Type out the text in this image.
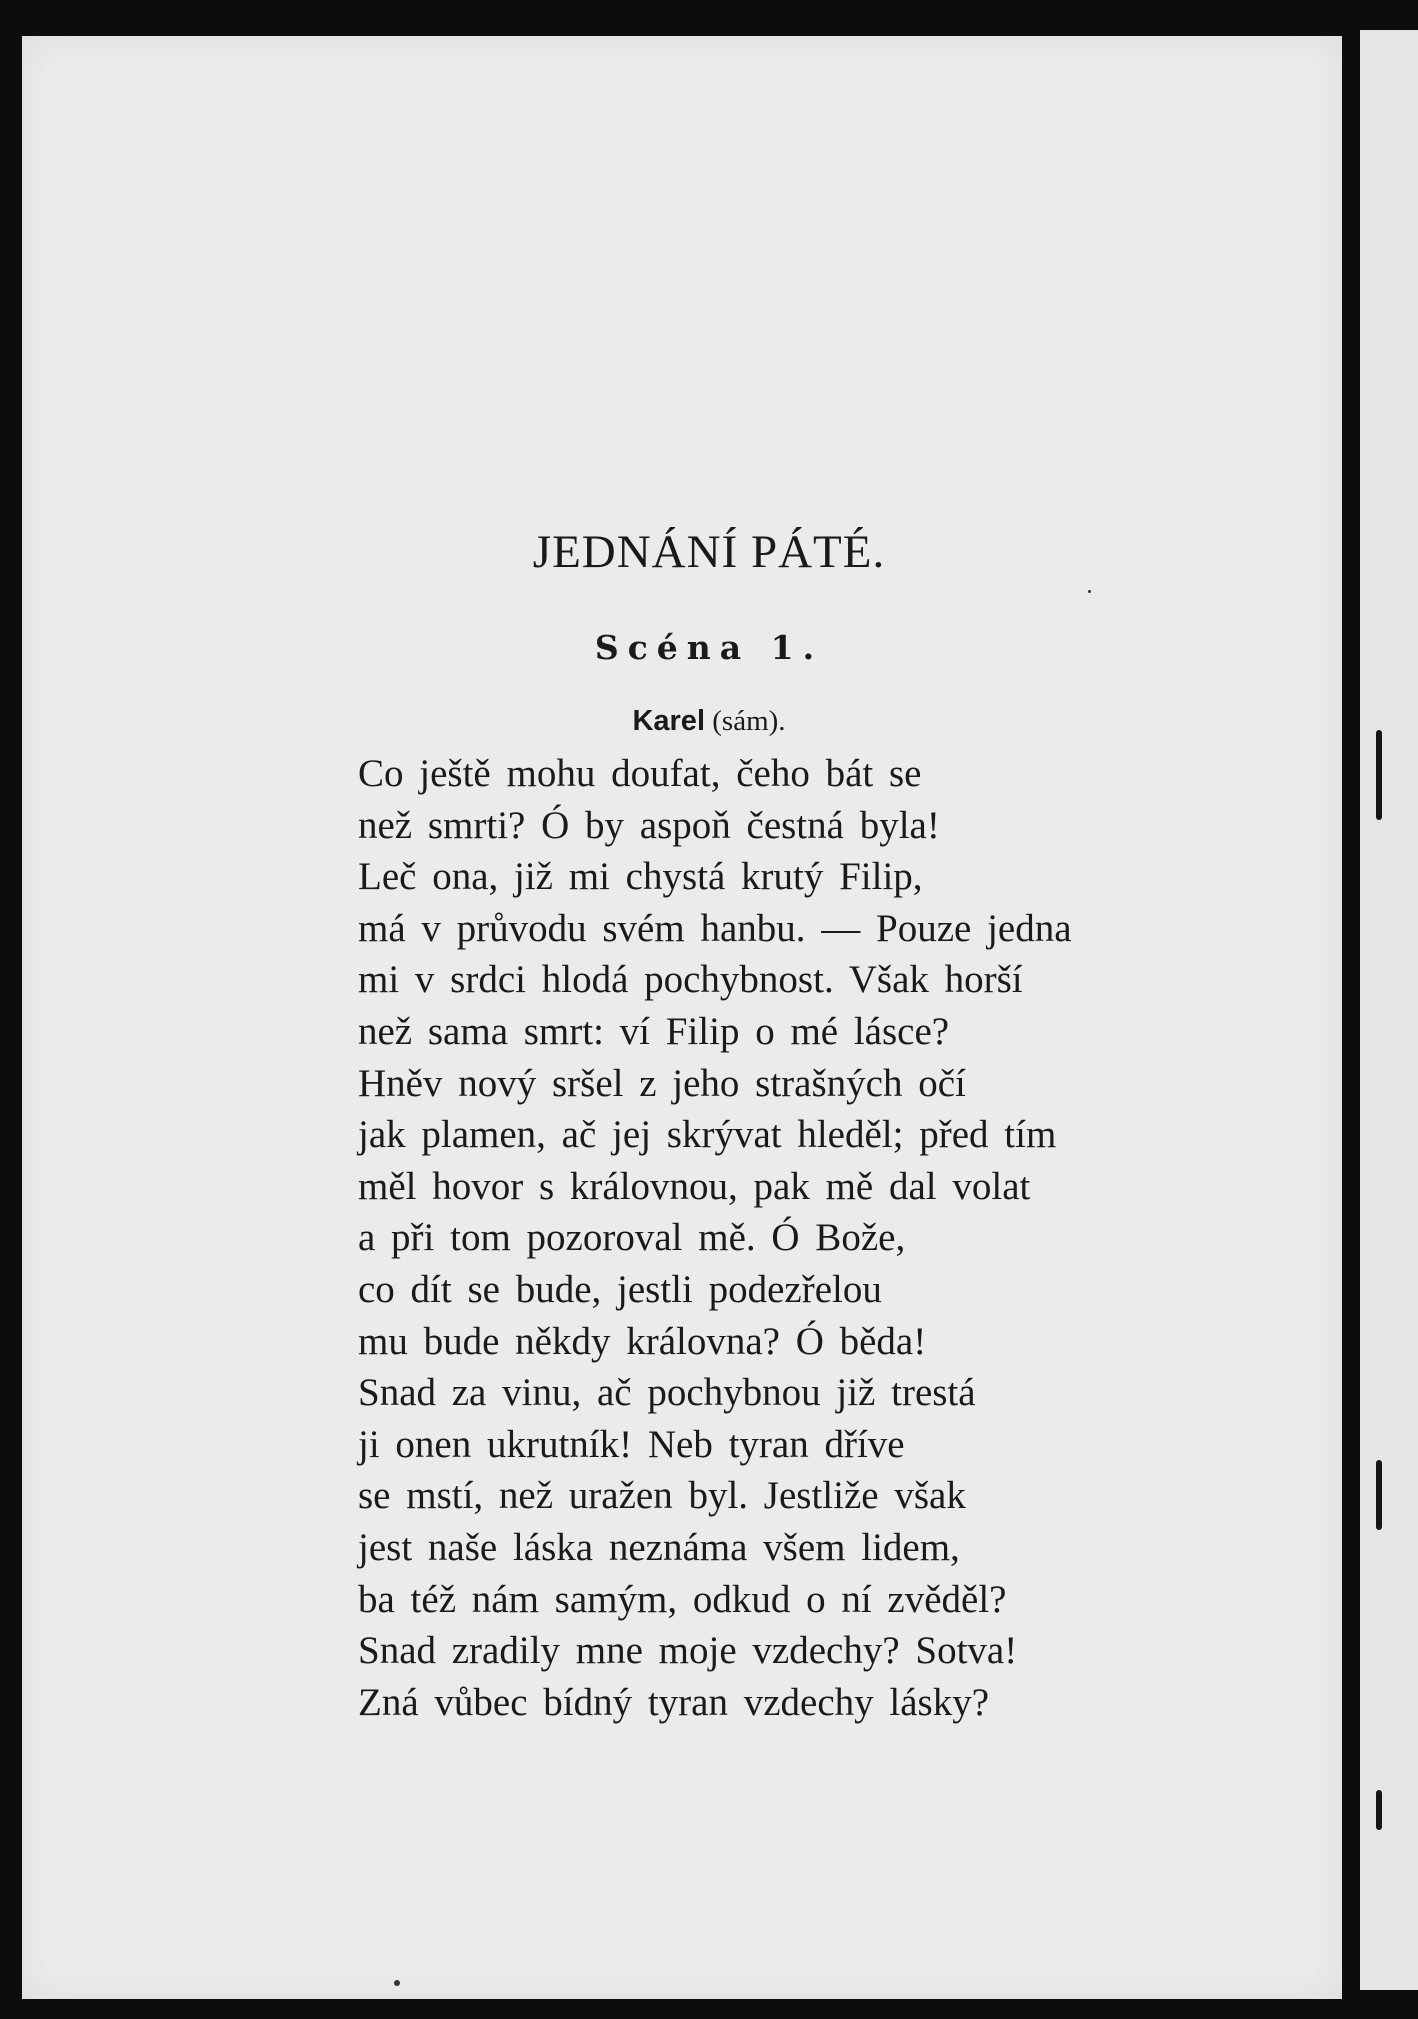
JEDNÁNÍ PÁTÉ.
Scéna 1.
Karel (sám).
Co ještě mohu doufat, čeho bát se
než smrti? Ó by aspoň čestná byla!
Leč ona, již mi chystá krutý Filip,
má v průvodu svém hanbu. — Pouze jedna
mi v srdci hlodá pochybnost. Však horší
než sama smrt: ví Filip o mé lásce?
Hněv nový sršel z jeho strašných očí
jak plamen, ač jej skrývat hleděl; před tím
měl hovor s královnou, pak mě dal volat
a při tom pozoroval mě. Ó Bože,
co dít se bude, jestli podezřelou
mu bude někdy královna? Ó běda!
Snad za vinu, ač pochybnou již trestá
ji onen ukrutník! Neb tyran dříve
se mstí, než uražen byl. Jestliže však
jest naše láska neznáma všem lidem,
ba též nám samým, odkud o ní zvěděl?
Snad zradily mne moje vzdechy? Sotva!
Zná vůbec bídný tyran vzdechy lásky?
